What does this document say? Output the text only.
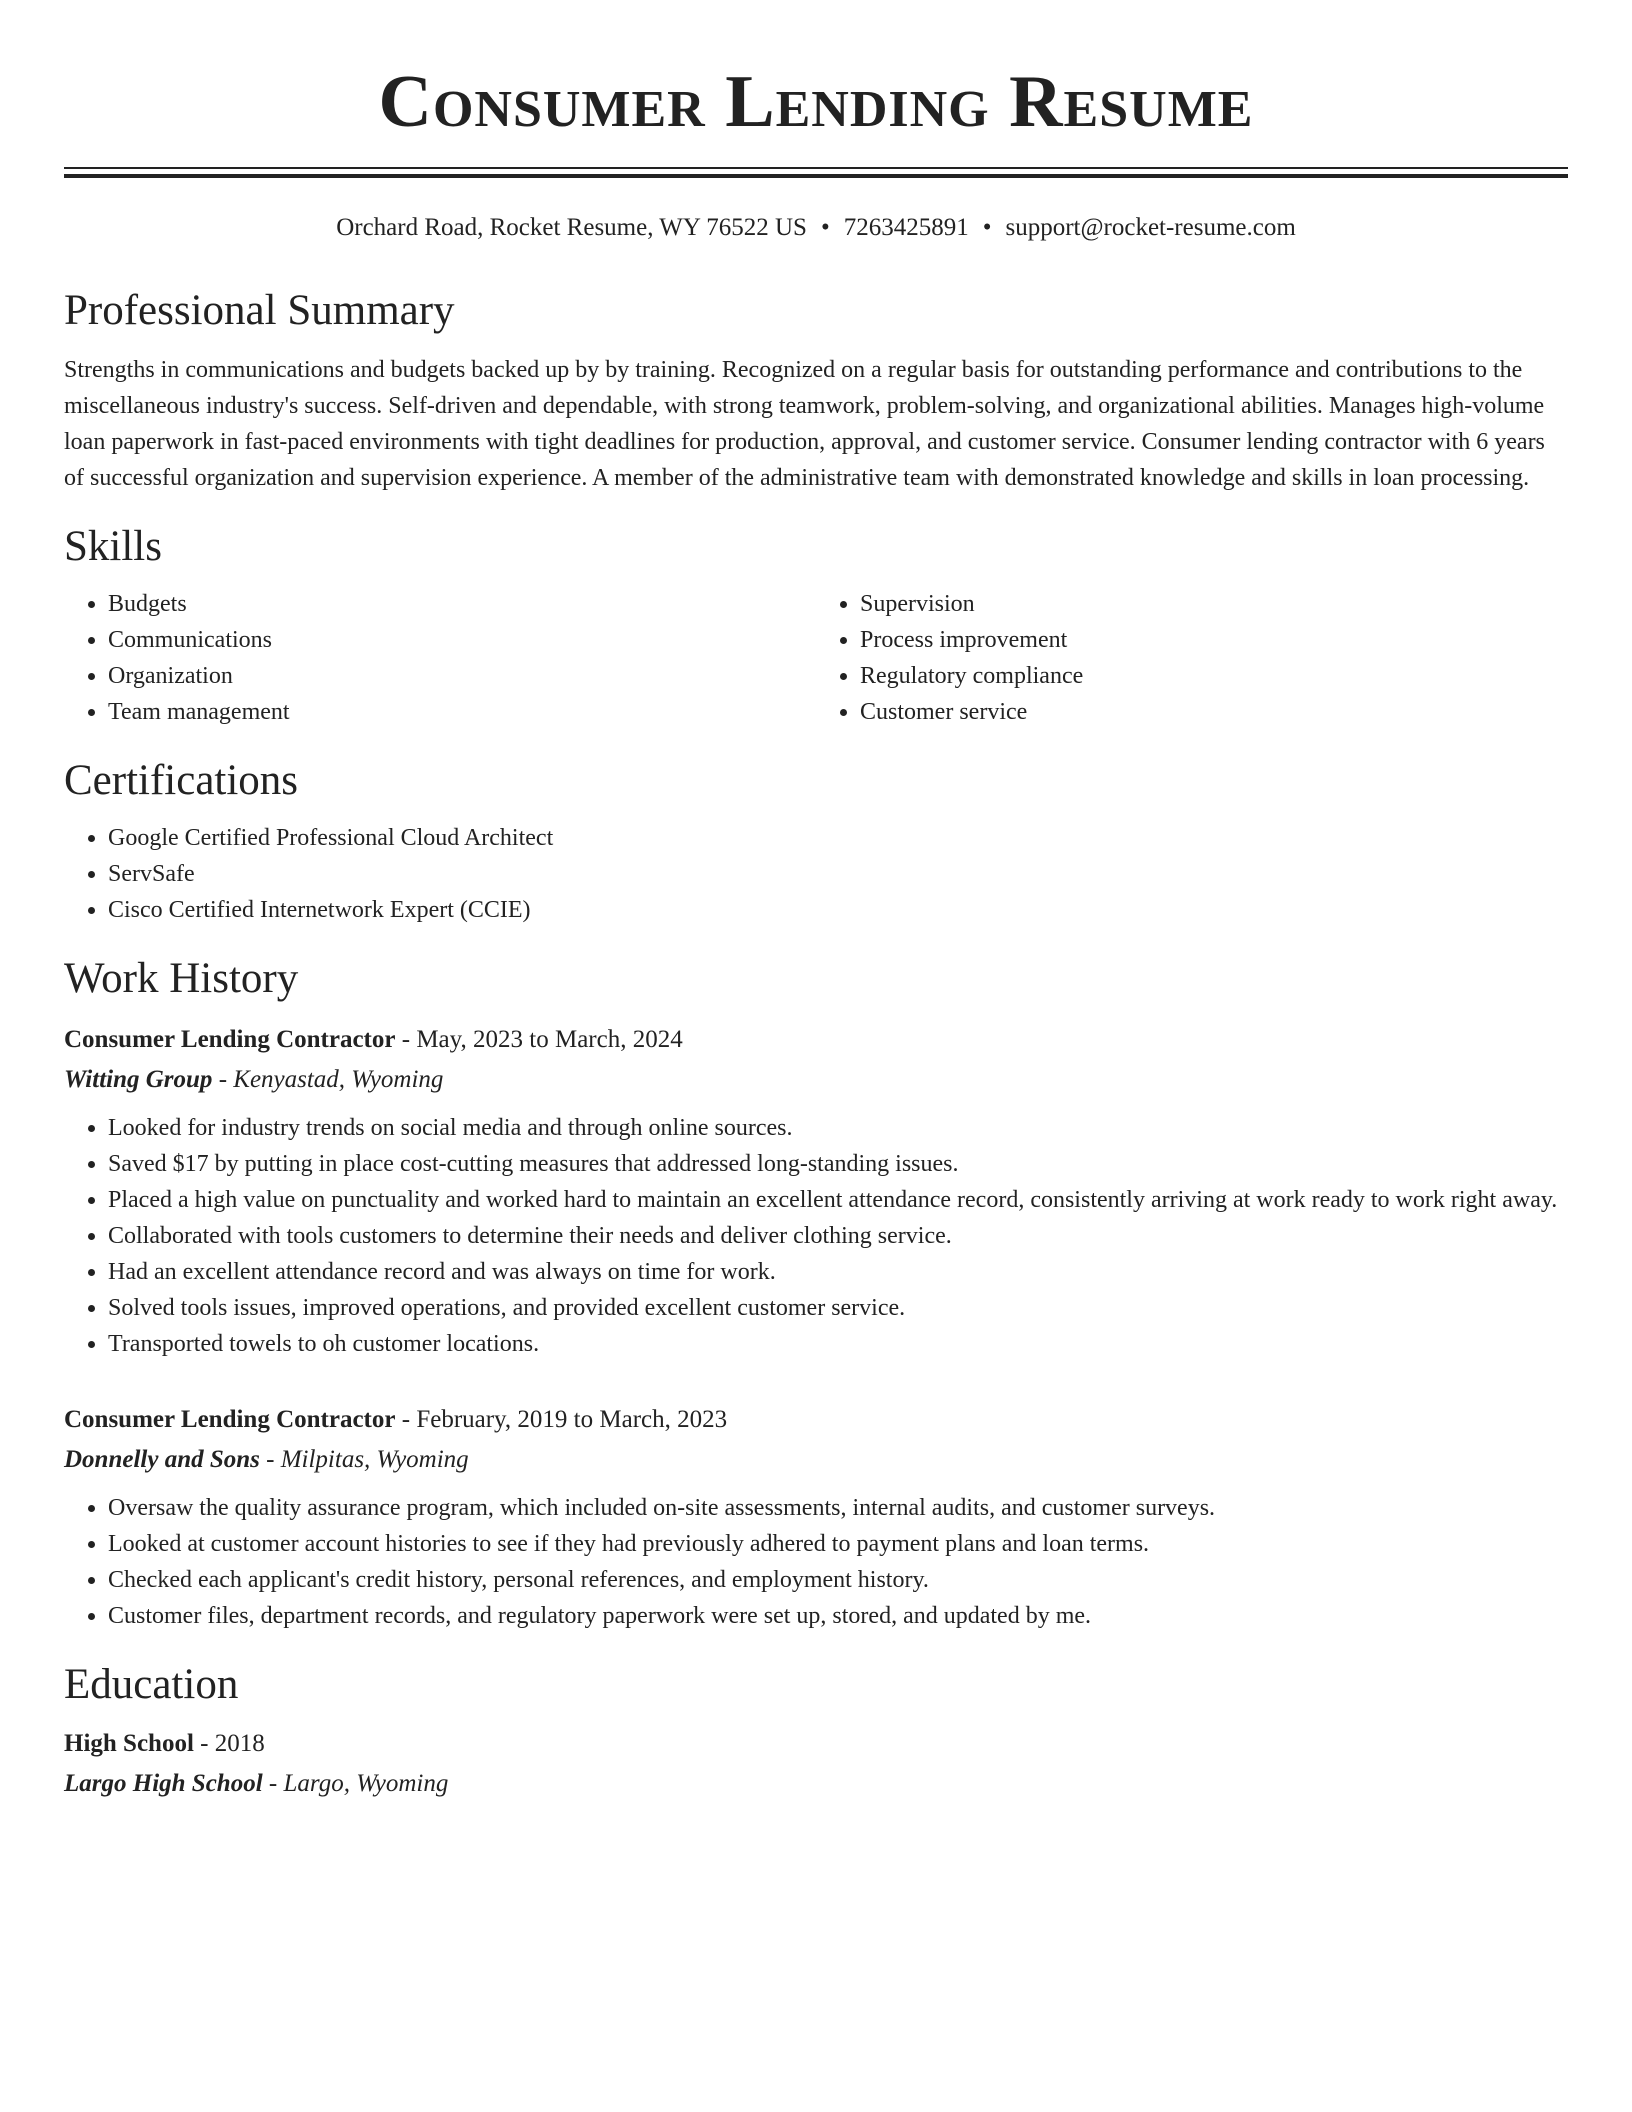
Consumer Lending Resume
Orchard Road, Rocket Resume, WY 76522 US • 7263425891 • support@rocket-resume.com
Professional Summary
Strengths in communications and budgets backed up by by training. Recognized on a regular basis for outstanding performance and contributions to the miscellaneous industry's success. Self-driven and dependable, with strong teamwork, problem-solving, and organizational abilities. Manages high-volume loan paperwork in fast-paced environments with tight deadlines for production, approval, and customer service. Consumer lending contractor with 6 years of successful organization and supervision experience. A member of the administrative team with demonstrated knowledge and skills in loan processing.
Skills
• Budgets
• Communications
• Organization
• Team management
• Supervision
• Process improvement
• Regulatory compliance
• Customer service
Certifications
• Google Certified Professional Cloud Architect
• ServSafe
• Cisco Certified Internetwork Expert (CCIE)
Work History
Consumer Lending Contractor - May, 2023 to March, 2024
Witting Group - Kenyastad, Wyoming
• Looked for industry trends on social media and through online sources.
• Saved $17 by putting in place cost-cutting measures that addressed long-standing issues.
• Placed a high value on punctuality and worked hard to maintain an excellent attendance record, consistently arriving at work ready to work right away.
• Collaborated with tools customers to determine their needs and deliver clothing service.
• Had an excellent attendance record and was always on time for work.
• Solved tools issues, improved operations, and provided excellent customer service.
• Transported towels to oh customer locations.
Consumer Lending Contractor - February, 2019 to March, 2023
Donnelly and Sons - Milpitas, Wyoming
• Oversaw the quality assurance program, which included on-site assessments, internal audits, and customer surveys.
• Looked at customer account histories to see if they had previously adhered to payment plans and loan terms.
• Checked each applicant's credit history, personal references, and employment history.
• Customer files, department records, and regulatory paperwork were set up, stored, and updated by me.
Education
High School - 2018
Largo High School - Largo, Wyoming
